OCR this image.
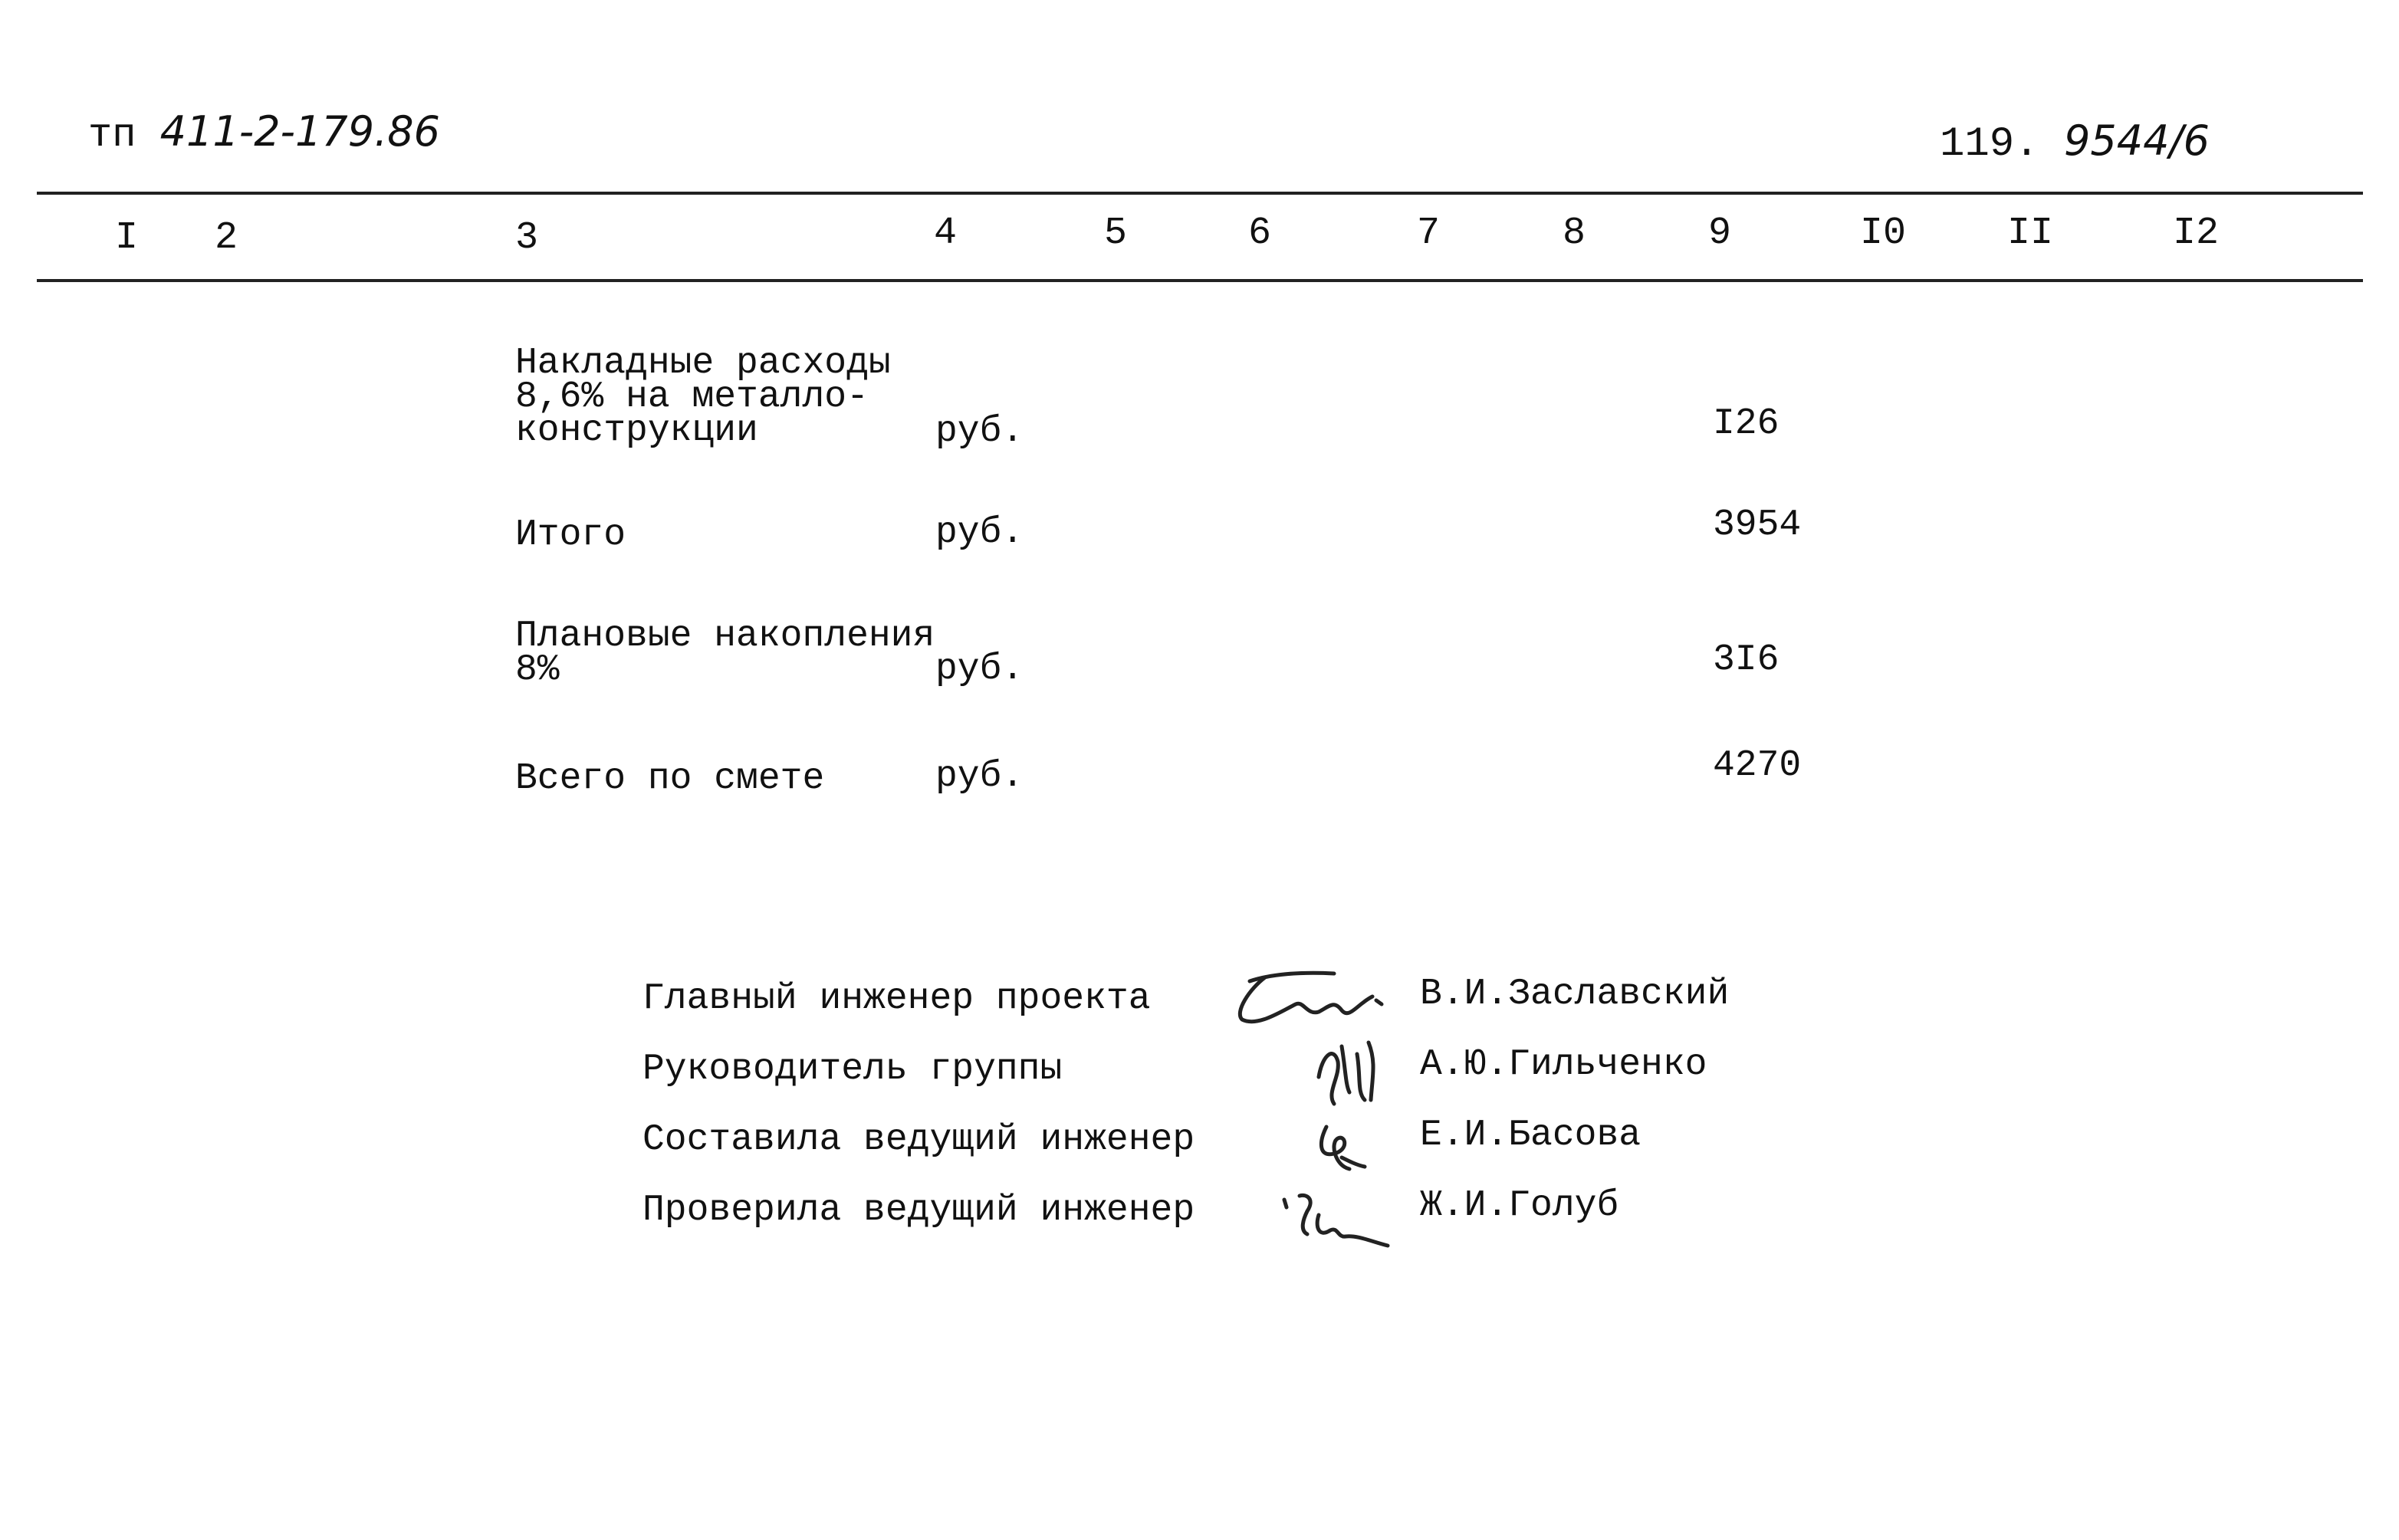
тп 411-2-179.86	119. 9544/6
I 2	3	4	5	6	7	8	9	I0	II	I2
Накладные расходы
8,6% на металло-
конструкции	руб.	I26
Итого	руб.	3954
Плановые накопления
8%	руб.	3I6
Всего по смете	руб.	4270
Главный инженер проекта	В.И.Заславский
Руководитель группы	А.Ю.Гильченко
Составила ведущий инженер	Е.И.Басова
Проверила ведущий инженер	Ж.И.Голуб
